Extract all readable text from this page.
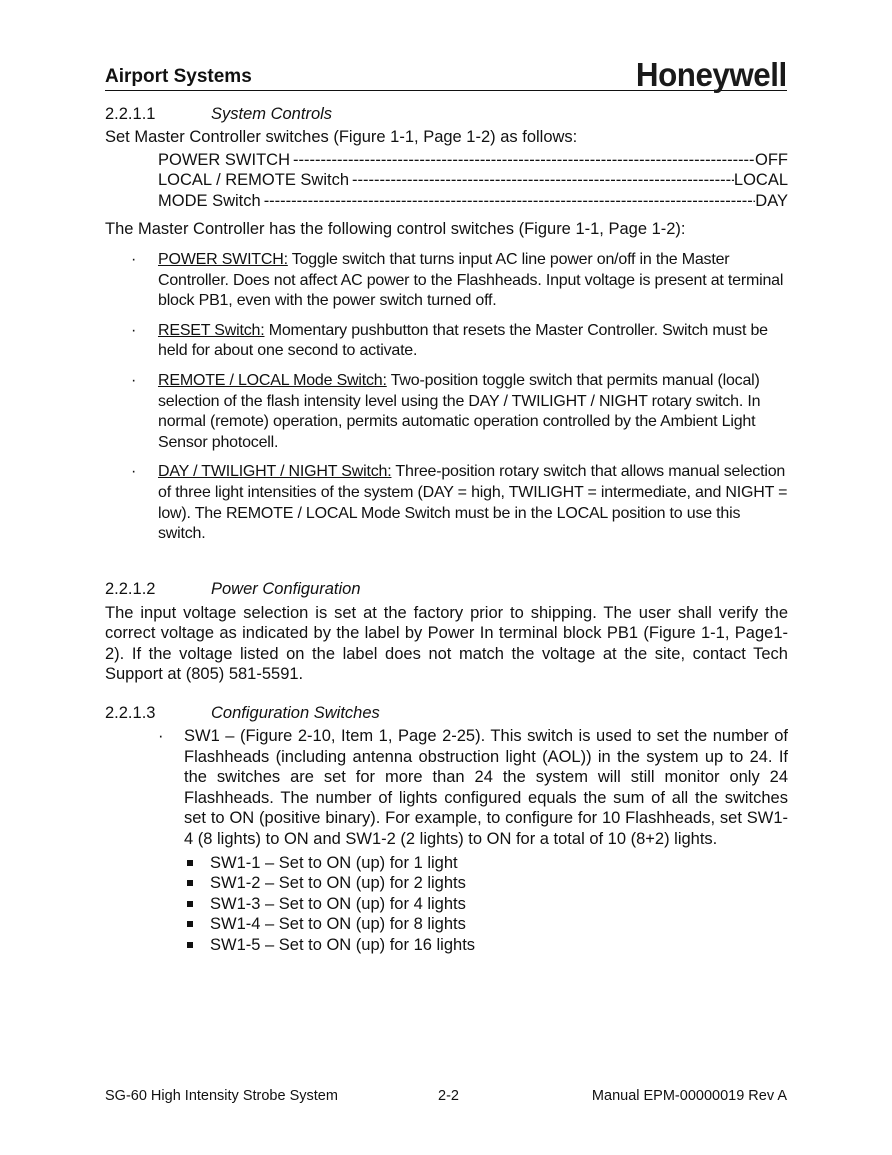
Airport Systems	Honeywell
2.2.1.1	System Controls

Set Master Controller switches (Figure 1-1, Page 1-2) as follows:

POWER SWITCH -----	OFF
LOCAL / REMOTE Switch -----	LOCAL
MODE Switch -----	DAY

The Master Controller has the following control switches (Figure 1-1, Page 1-2):

· POWER SWITCH: Toggle switch that turns input AC line power on/off in the Master Controller. Does not affect AC power to the Flashheads. Input voltage is present at terminal block PB1, even with the power switch turned off.
· RESET Switch: Momentary pushbutton that resets the Master Controller. Switch must be held for about one second to activate.
· REMOTE / LOCAL Mode Switch: Two-position toggle switch that permits manual (local) selection of the flash intensity level using the DAY / TWILIGHT / NIGHT rotary switch. In normal (remote) operation, permits automatic operation controlled by the Ambient Light Sensor photocell.
· DAY / TWILIGHT / NIGHT Switch: Three-position rotary switch that allows manual selection of three light intensities of the system (DAY = high, TWILIGHT = intermediate, and NIGHT = low). The REMOTE / LOCAL Mode Switch must be in the LOCAL position to use this switch.
2.2.1.2	Power Configuration

The input voltage selection is set at the factory prior to shipping. The user shall verify the correct voltage as indicated by the label by Power In terminal block PB1 (Figure 1-1, Page1-2). If the voltage listed on the label does not match the voltage at the site, contact Tech Support at (805) 581-5591.

2.2.1.3	Configuration Switches
· SW1 – (Figure 2-10, Item 1, Page 2-25). This switch is used to set the number of Flashheads (including antenna obstruction light (AOL)) in the system up to 24. If the switches are set for more than 24 the system will still monitor only 24 Flashheads. The number of lights configured equals the sum of all the switches set to ON (positive binary). For example, to configure for 10 Flashheads, set SW1-4 (8 lights) to ON and SW1-2 (2 lights) to ON for a total of 10 (8+2) lights.
SW1-1 – Set to ON (up) for 1 light
SW1-2 – Set to ON (up) for 2 lights
SW1-3 – Set to ON (up) for 4 lights
SW1-4 – Set to ON (up) for 8 lights
SW1-5 – Set to ON (up) for 16 lights
SG-60 High Intensity Strobe System	2-2	Manual EPM-00000019 Rev A
